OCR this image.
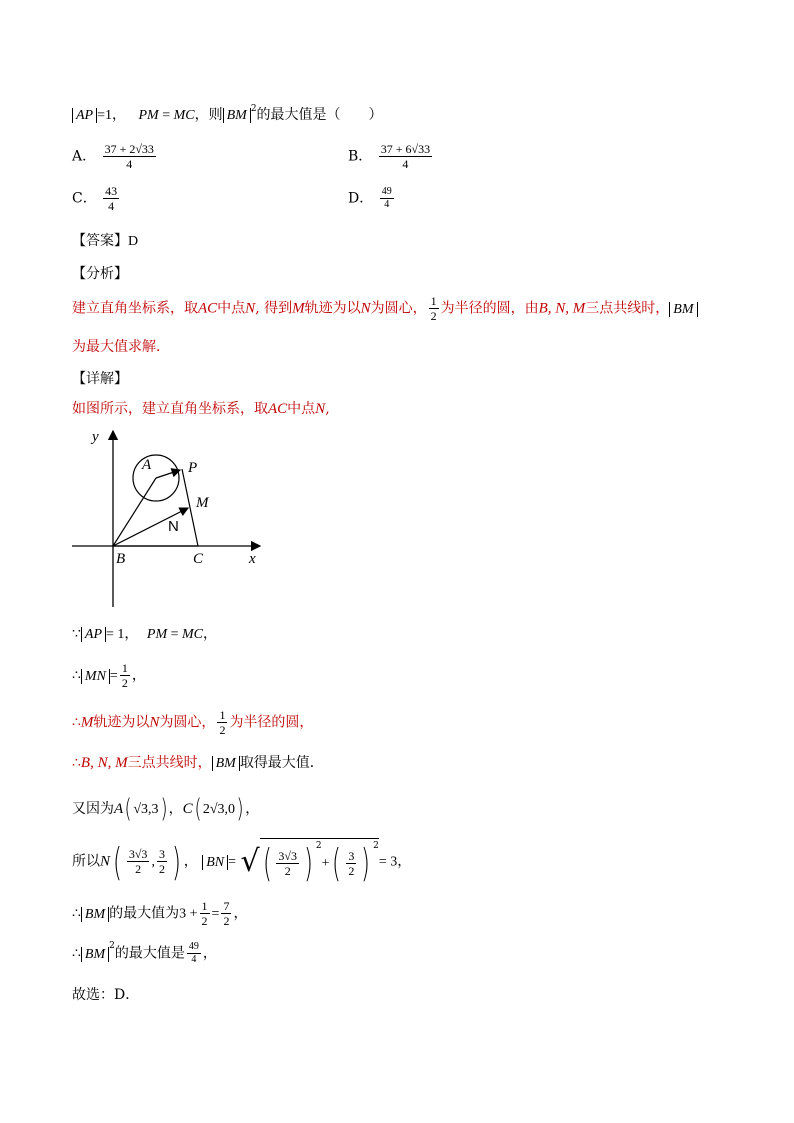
AP =1， PM = MC，则 BM $^2$的最大值是（　　）
A． $\frac{37 + 2√33}{4}$	B． $\frac{37 + 6√33}{4}$
C． $\frac{43}{4}$	D． $\frac{49}{4}$
【答案】D
【分析】
建立直角坐标系，取AC中点N, 得到M轨迹为以N为圆心， $\frac{1}{2}$ 为半径的圆，由B, N, M三点共线时， BM
为最大值求解．
【详解】
如图所示，建立直角坐标系，取AC中点N,
y
x
A P
M
N
B	C
∵ AP = 1， PM = MC，
∴ MN = $\frac{1}{2}$ ，
∴M轨迹为以N为圆心， $\frac{1}{2}$ 为半径的圆，
∴B, N, M三点共线时， BM 取得最大值．
又因为A( √3,3) ，C( 2√3,0) ，
所以$N( \frac{3√3}{2}$ , $\frac{3}{2}$ ) ， BN = √( $\frac{3√3}{2}$ ) $^2+( \frac{3}{2}$ ) $^2$= 3，
∴ BM 的最大值为$3 + \frac{1}{2} = \frac{7}{2}$ ，
∴ $BM^2$的最大值是 $\frac{49}{4}$ ，
故选：D．
